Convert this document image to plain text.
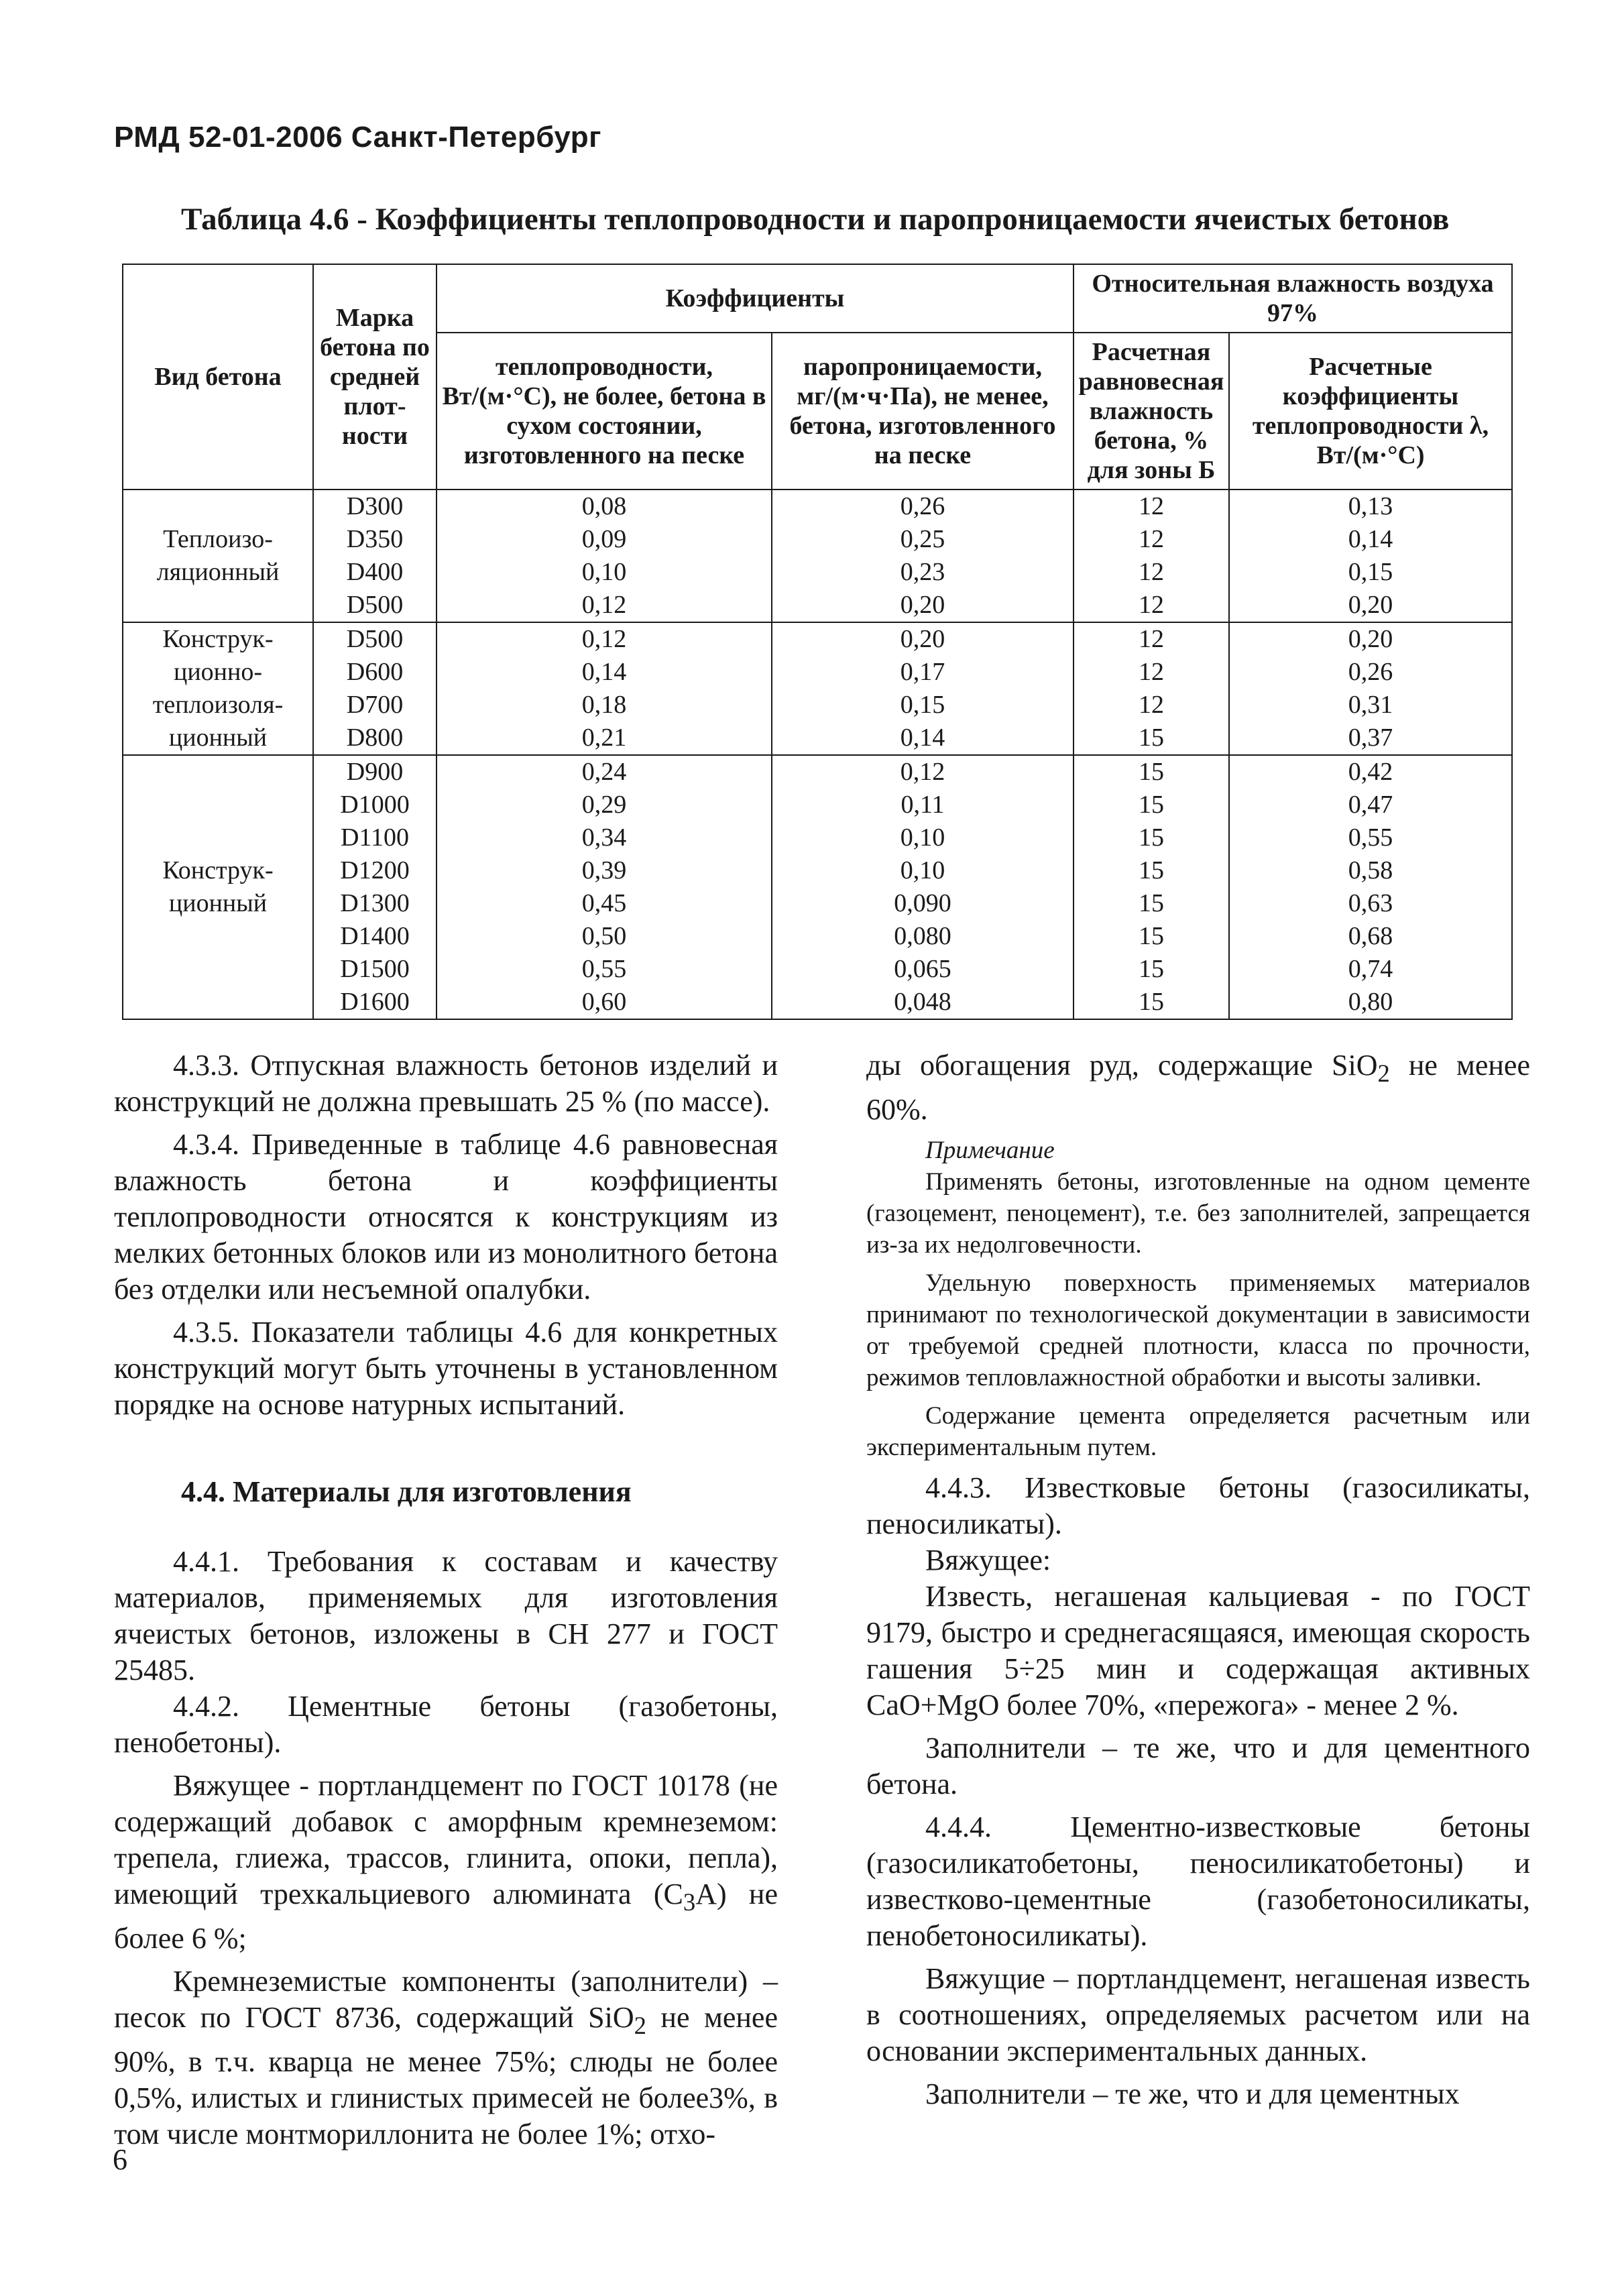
РМД 52-01-2006 Санкт-Петербург
Таблица 4.6 - Коэффициенты теплопроводности и паропроницаемости ячеистых бетонов
Вид бетона	Марка бетона по средней плот-ности	Коэффициенты		Относительная влажность воздуха 97%	
		теплопроводности, Вт/(м·°С), не более, бетона в сухом состоянии, изготовленного на песке	паропроницаемости, мг/(м·ч·Па), не менее, бетона, изготовленного на песке	Расчетная равновесная влажность бетона, % для зоны Б	Расчетные коэффициенты теплопроводности λ, Вт/(м·°С)
Теплоизо-ляционный	D300	0,08	0,26	12	0,13
	D350	0,09	0,25	12	0,14
	D400	0,10	0,23	12	0,15
	D500	0,12	0,20	12	0,20
Конструк-ционно-теплоизоля-ционный	D500	0,12	0,20	12	0,20
	D600	0,14	0,17	12	0,26
	D700	0,18	0,15	12	0,31
	D800	0,21	0,14	15	0,37
Конструк-ционный	D900	0,24	0,12	15	0,42
	D1000	0,29	0,11	15	0,47
	D1100	0,34	0,10	15	0,55
	D1200	0,39	0,10	15	0,58
	D1300	0,45	0,090	15	0,63
	D1400	0,50	0,080	15	0,68
	D1500	0,55	0,065	15	0,74
	D1600	0,60	0,048	15	0,80

4.3.3. Отпускная влажность бетонов изделий и конструкций не должна превышать 25 % (по массе).

4.3.4. Приведенные в таблице 4.6 равновесная влажность бетона и коэффициенты теплопроводности относятся к конструкциям из мелких бетонных блоков или из монолитного бетона без отделки или несъемной опалубки.

4.3.5. Показатели таблицы 4.6 для конкретных конструкций могут быть уточнены в установленном порядке на основе натурных испытаний.

4.4. Материалы для изготовления

4.4.1. Требования к составам и качеству материалов, применяемых для изготовления ячеистых бетонов, изложены в СН 277 и ГОСТ 25485.

4.4.2. Цементные бетоны (газобетоны, пенобетоны).

Вяжущее - портландцемент по ГОСТ 10178 (не содержащий добавок с аморфным кремнеземом: трепела, глиежа, трассов, глинита, опоки, пепла), имеющий трехкальциевого алюмината $(C_3A)$ не более 6 %;

Кремнеземистые компоненты (заполнители) – песок по ГОСТ 8736, содержащий SiO$_2$ не менее 90%, в т.ч. кварца не менее 75%; слюды не более 0,5%, илистых и глинистых примесей не более3%, в том числе монтмориллонита не более 1%; отхо-

ды обогащения руд, содержащие SiO$_2$ не менее 60%.

Примечание

Применять бетоны, изготовленные на одном цементе (газоцемент, пеноцемент), т.е. без заполнителей, запрещается из-за их недолговечности.

Удельную поверхность применяемых материалов принимают по технологической документации в зависимости от требуемой средней плотности, класса по прочности, режимов тепловлажностной обработки и высоты заливки.

Содержание цемента определяется расчетным или экспериментальным путем.

4.4.3. Известковые бетоны (газосиликаты, пеносиликаты).

Вяжущее:

Известь, негашеная кальциевая - по ГОСТ 9179, быстро и среднегасящаяся, имеющая скорость гашения 5÷25 мин и содержащая активных CaO+MgO более 70%, «пережога» - менее 2 %.

Заполнители – те же, что и для цементного бетона.

4.4.4. Цементно-известковые бетоны (газосиликатобетоны, пеносиликатобетоны) и известково-цементные (газобетоносиликаты, пенобетоносиликаты).

Вяжущие – портландцемент, негашеная известь в соотношениях, определяемых расчетом или на основании экспериментальных данных.

Заполнители – те же, что и для цементных

6
